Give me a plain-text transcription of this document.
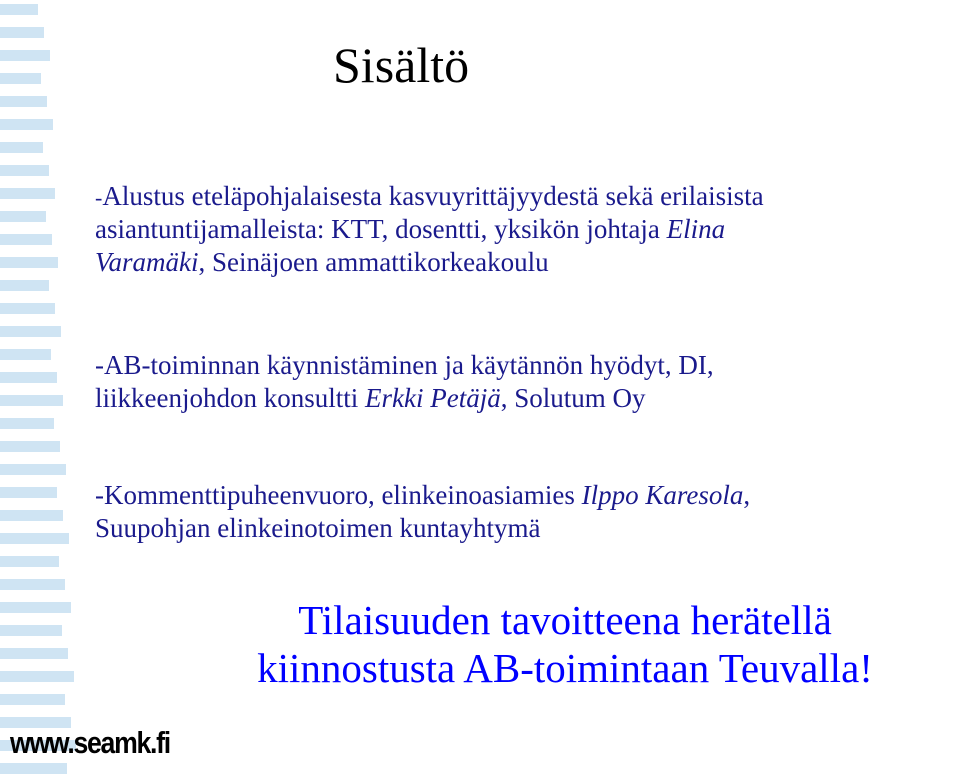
Sisältö
-Alustus eteläpohjalaisesta kasvuyrittäjyydestä sekä erilaisista
asiantuntijamalleista: KTT, dosentti, yksikön johtaja Elina
Varamäki, Seinäjoen ammattikorkeakoulu
-AB-toiminnan käynnistäminen ja käytännön hyödyt, DI,
liikkeenjohdon konsultti Erkki Petäjä, Solutum Oy
-Kommenttipuheenvuoro, elinkeinoasiamies Ilppo Karesola,
Suupohjan elinkeinotoimen kuntayhtymä
Tilaisuuden tavoitteena herätellä
kiinnostusta AB-toimintaan Teuvalla!
www.seamk.fi
